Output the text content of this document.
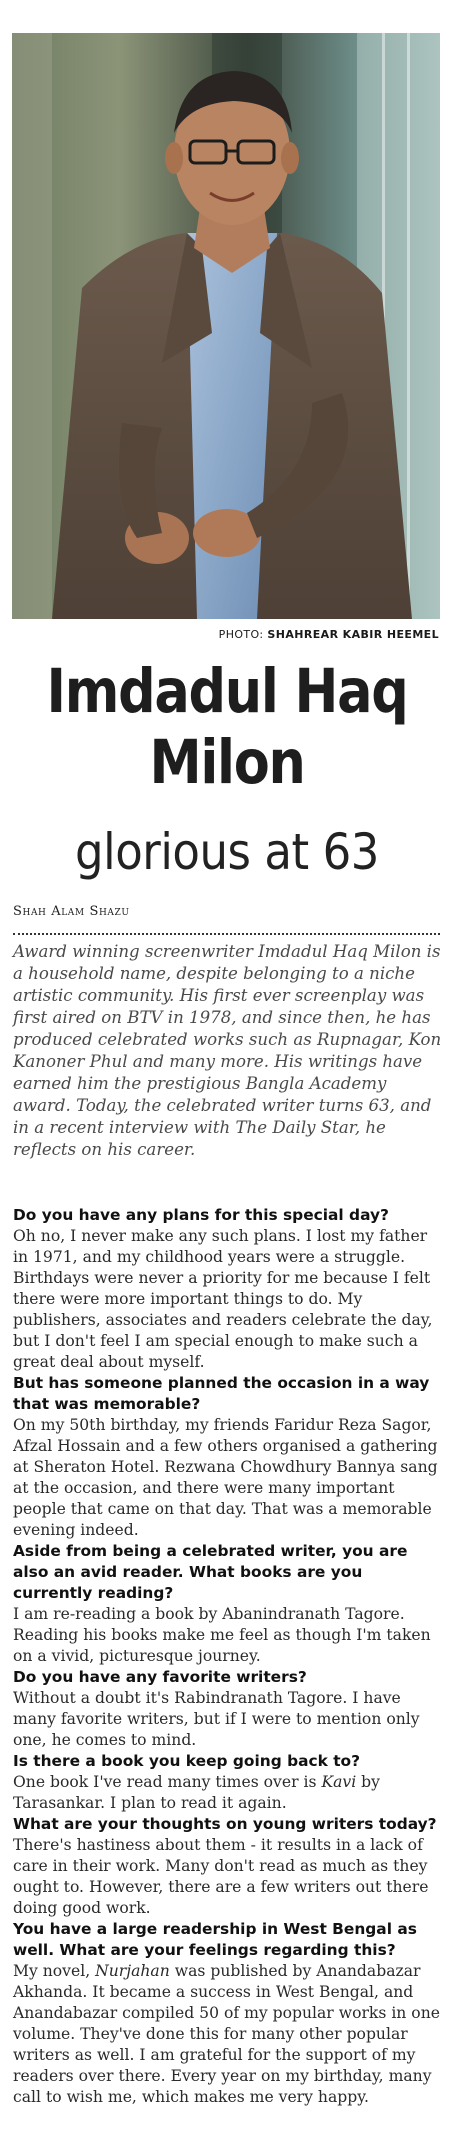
PHOTO: SHAHREAR KABIR HEEMEL
Imdadul Haq
Milon
glorious at 63
Shah Alam Shazu
Award winning screenwriter Imdadul Haq Milon is a household name, despite belonging to a niche artistic community. His first ever screenplay was first aired on BTV in 1978, and since then, he has produced celebrated works such as Rupnagar, Kon Kanoner Phul and many more. His writings have earned him the prestigious Bangla Academy award. Today, the celebrated writer turns 63, and in a recent interview with The Daily Star, he reflects on his career.
Do you have any plans for this special day?

Oh no, I never make any such plans. I lost my father in 1971, and my childhood years were a struggle. Birthdays were never a priority for me because I felt there were more important things to do. My publishers, associates and readers celebrate the day, but I don't feel I am special enough to make such a great deal about myself.

But has someone planned the occasion in a way that was memorable?

On my 50th birthday, my friends Faridur Reza Sagor, Afzal Hossain and a few others organised a gathering at Sheraton Hotel. Rezwana Chowdhury Bannya sang at the occasion, and there were many important people that came on that day. That was a memorable evening indeed.

Aside from being a celebrated writer, you are also an avid reader. What books are you currently reading?

I am re-reading a book by Abanindranath Tagore. Reading his books make me feel as though I'm taken on a vivid, picturesque journey.

Do you have any favorite writers?

Without a doubt it's Rabindranath Tagore. I have many favorite writers, but if I were to mention only one, he comes to mind.

Is there a book you keep going back to?

One book I've read many times over is Kavi by Tarasankar. I plan to read it again.

What are your thoughts on young writers today?

There's hastiness about them - it results in a lack of care in their work. Many don't read as much as they ought to. However, there are a few writers out there doing good work.

You have a large readership in West Bengal as well. What are your feelings regarding this?

My novel, Nurjahan was published by Anandabazar Akhanda. It became a success in West Bengal, and Anandabazar compiled 50 of my popular works in one volume. They've done this for many other popular writers as well. I am grateful for the support of my readers over there. Every year on my birthday, many call to wish me, which makes me very happy.
